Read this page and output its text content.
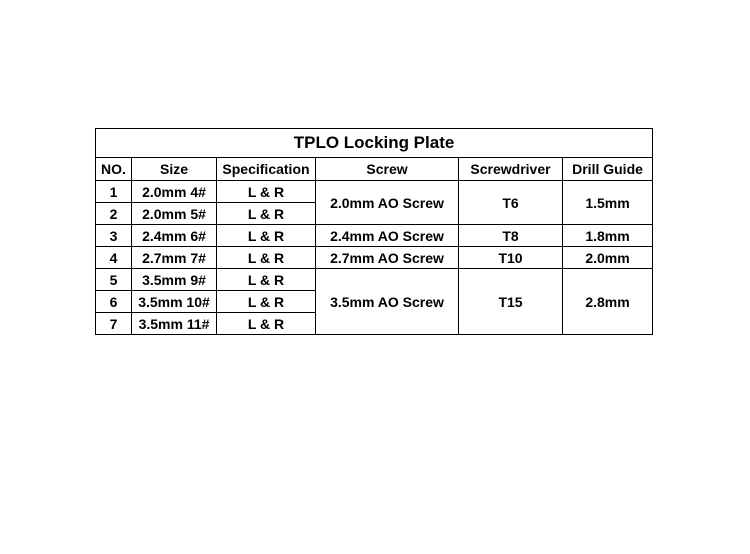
TPLO Locking Plate					
NO.	Size	Specification	Screw	Screwdriver	Drill Guide
1	2.0mm 4#	L & R	2.0mm AO Screw	T6	1.5mm
2	2.0mm 5#	L & R			
3	2.4mm 6#	L & R	2.4mm AO Screw	T8	1.8mm
4	2.7mm 7#	L & R	2.7mm AO Screw	T10	2.0mm
5	3.5mm 9#	L & R	3.5mm AO Screw	T15	2.8mm
6	3.5mm 10#	L & R			
7	3.5mm 11#	L & R			
